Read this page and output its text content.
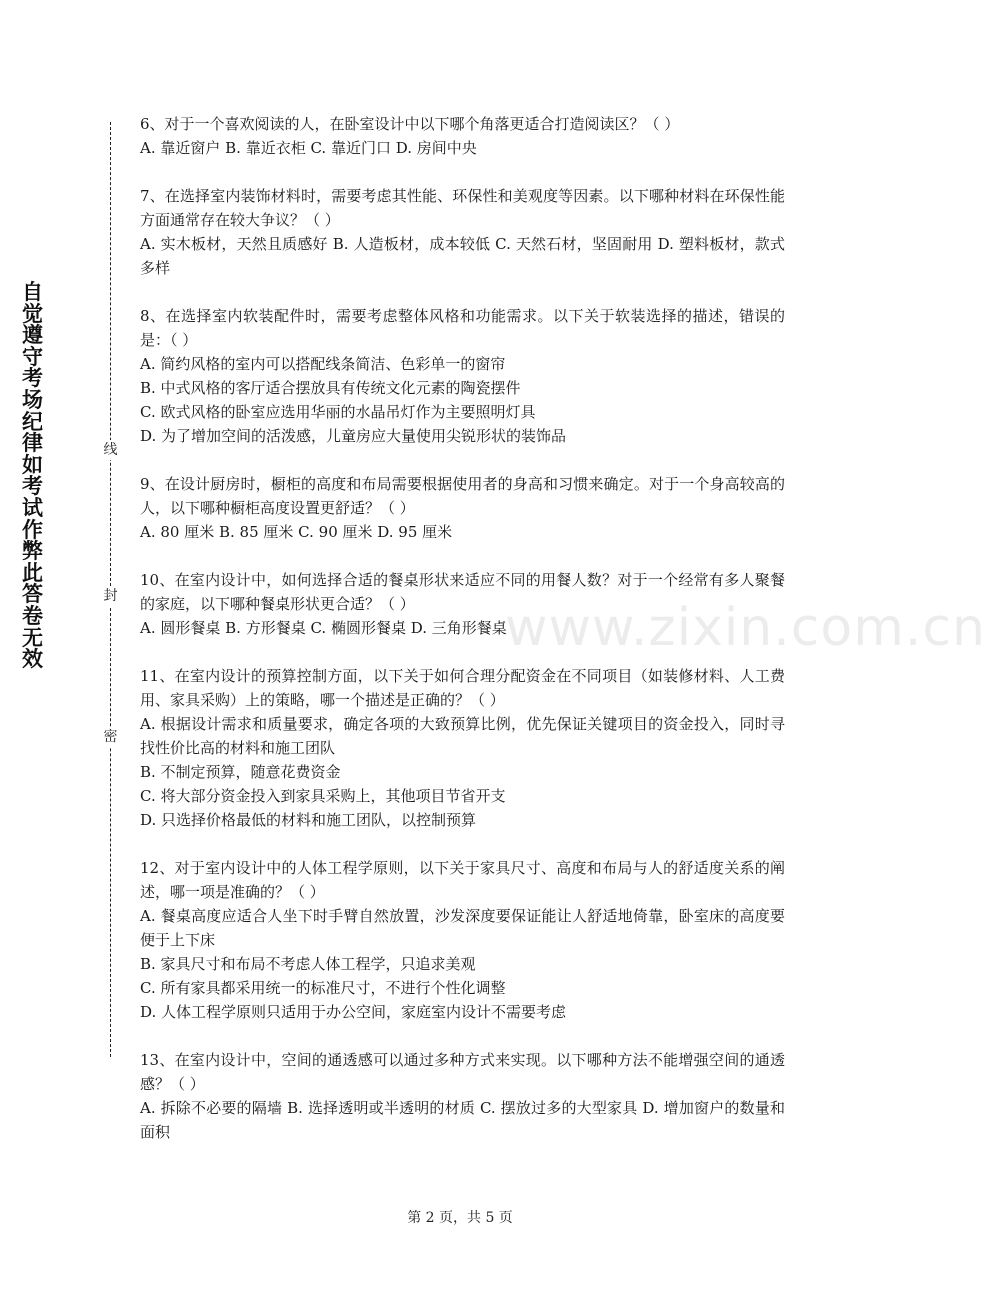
自觉遵守考场纪律如考试作弊此答卷无效
线
封
密

6、对于一个喜欢阅读的人，在卧室设计中以下哪个角落更适合打造阅读区？（ ）

A. 靠近窗户 B. 靠近衣柜 C. 靠近门口 D. 房间中央

7、在选择室内装饰材料时，需要考虑其性能、环保性和美观度等因素。以下哪种材料在环保性能方面通常存在较大争议？（ ）

A. 实木板材，天然且质感好 B. 人造板材，成本较低 C. 天然石材，坚固耐用 D. 塑料板材，款式多样

8、在选择室内软装配件时，需要考虑整体风格和功能需求。以下关于软装选择的描述，错误的是：（ ）

A. 简约风格的室内可以搭配线条简洁、色彩单一的窗帘

B. 中式风格的客厅适合摆放具有传统文化元素的陶瓷摆件

C. 欧式风格的卧室应选用华丽的水晶吊灯作为主要照明灯具

D. 为了增加空间的活泼感，儿童房应大量使用尖锐形状的装饰品

9、在设计厨房时，橱柜的高度和布局需要根据使用者的身高和习惯来确定。对于一个身高较高的人，以下哪种橱柜高度设置更舒适？（ ）

A. 80 厘米 B. 85 厘米 C. 90 厘米 D. 95 厘米

10、在室内设计中，如何选择合适的餐桌形状来适应不同的用餐人数？对于一个经常有多人聚餐的家庭，以下哪种餐桌形状更合适？（ ）

A. 圆形餐桌 B. 方形餐桌 C. 椭圆形餐桌 D. 三角形餐桌

11、在室内设计的预算控制方面，以下关于如何合理分配资金在不同项目（如装修材料、人工费用、家具采购）上的策略，哪一个描述是正确的？（ ）

A. 根据设计需求和质量要求，确定各项的大致预算比例，优先保证关键项目的资金投入，同时寻找性价比高的材料和施工团队

B. 不制定预算，随意花费资金

C. 将大部分资金投入到家具采购上，其他项目节省开支

D. 只选择价格最低的材料和施工团队，以控制预算

12、对于室内设计中的人体工程学原则，以下关于家具尺寸、高度和布局与人的舒适度关系的阐述，哪一项是准确的？（ ）

A. 餐桌高度应适合人坐下时手臂自然放置，沙发深度要保证能让人舒适地倚靠，卧室床的高度要便于上下床

B. 家具尺寸和布局不考虑人体工程学，只追求美观

C. 所有家具都采用统一的标准尺寸，不进行个性化调整

D. 人体工程学原则只适用于办公空间，家庭室内设计不需要考虑

13、在室内设计中，空间的通透感可以通过多种方式来实现。以下哪种方法不能增强空间的通透感？（ ）

A. 拆除不必要的隔墙 B. 选择透明或半透明的材质 C. 摆放过多的大型家具 D. 增加窗户的数量和面积

www.zixin.com.cn
第 2 页，共 5 页
